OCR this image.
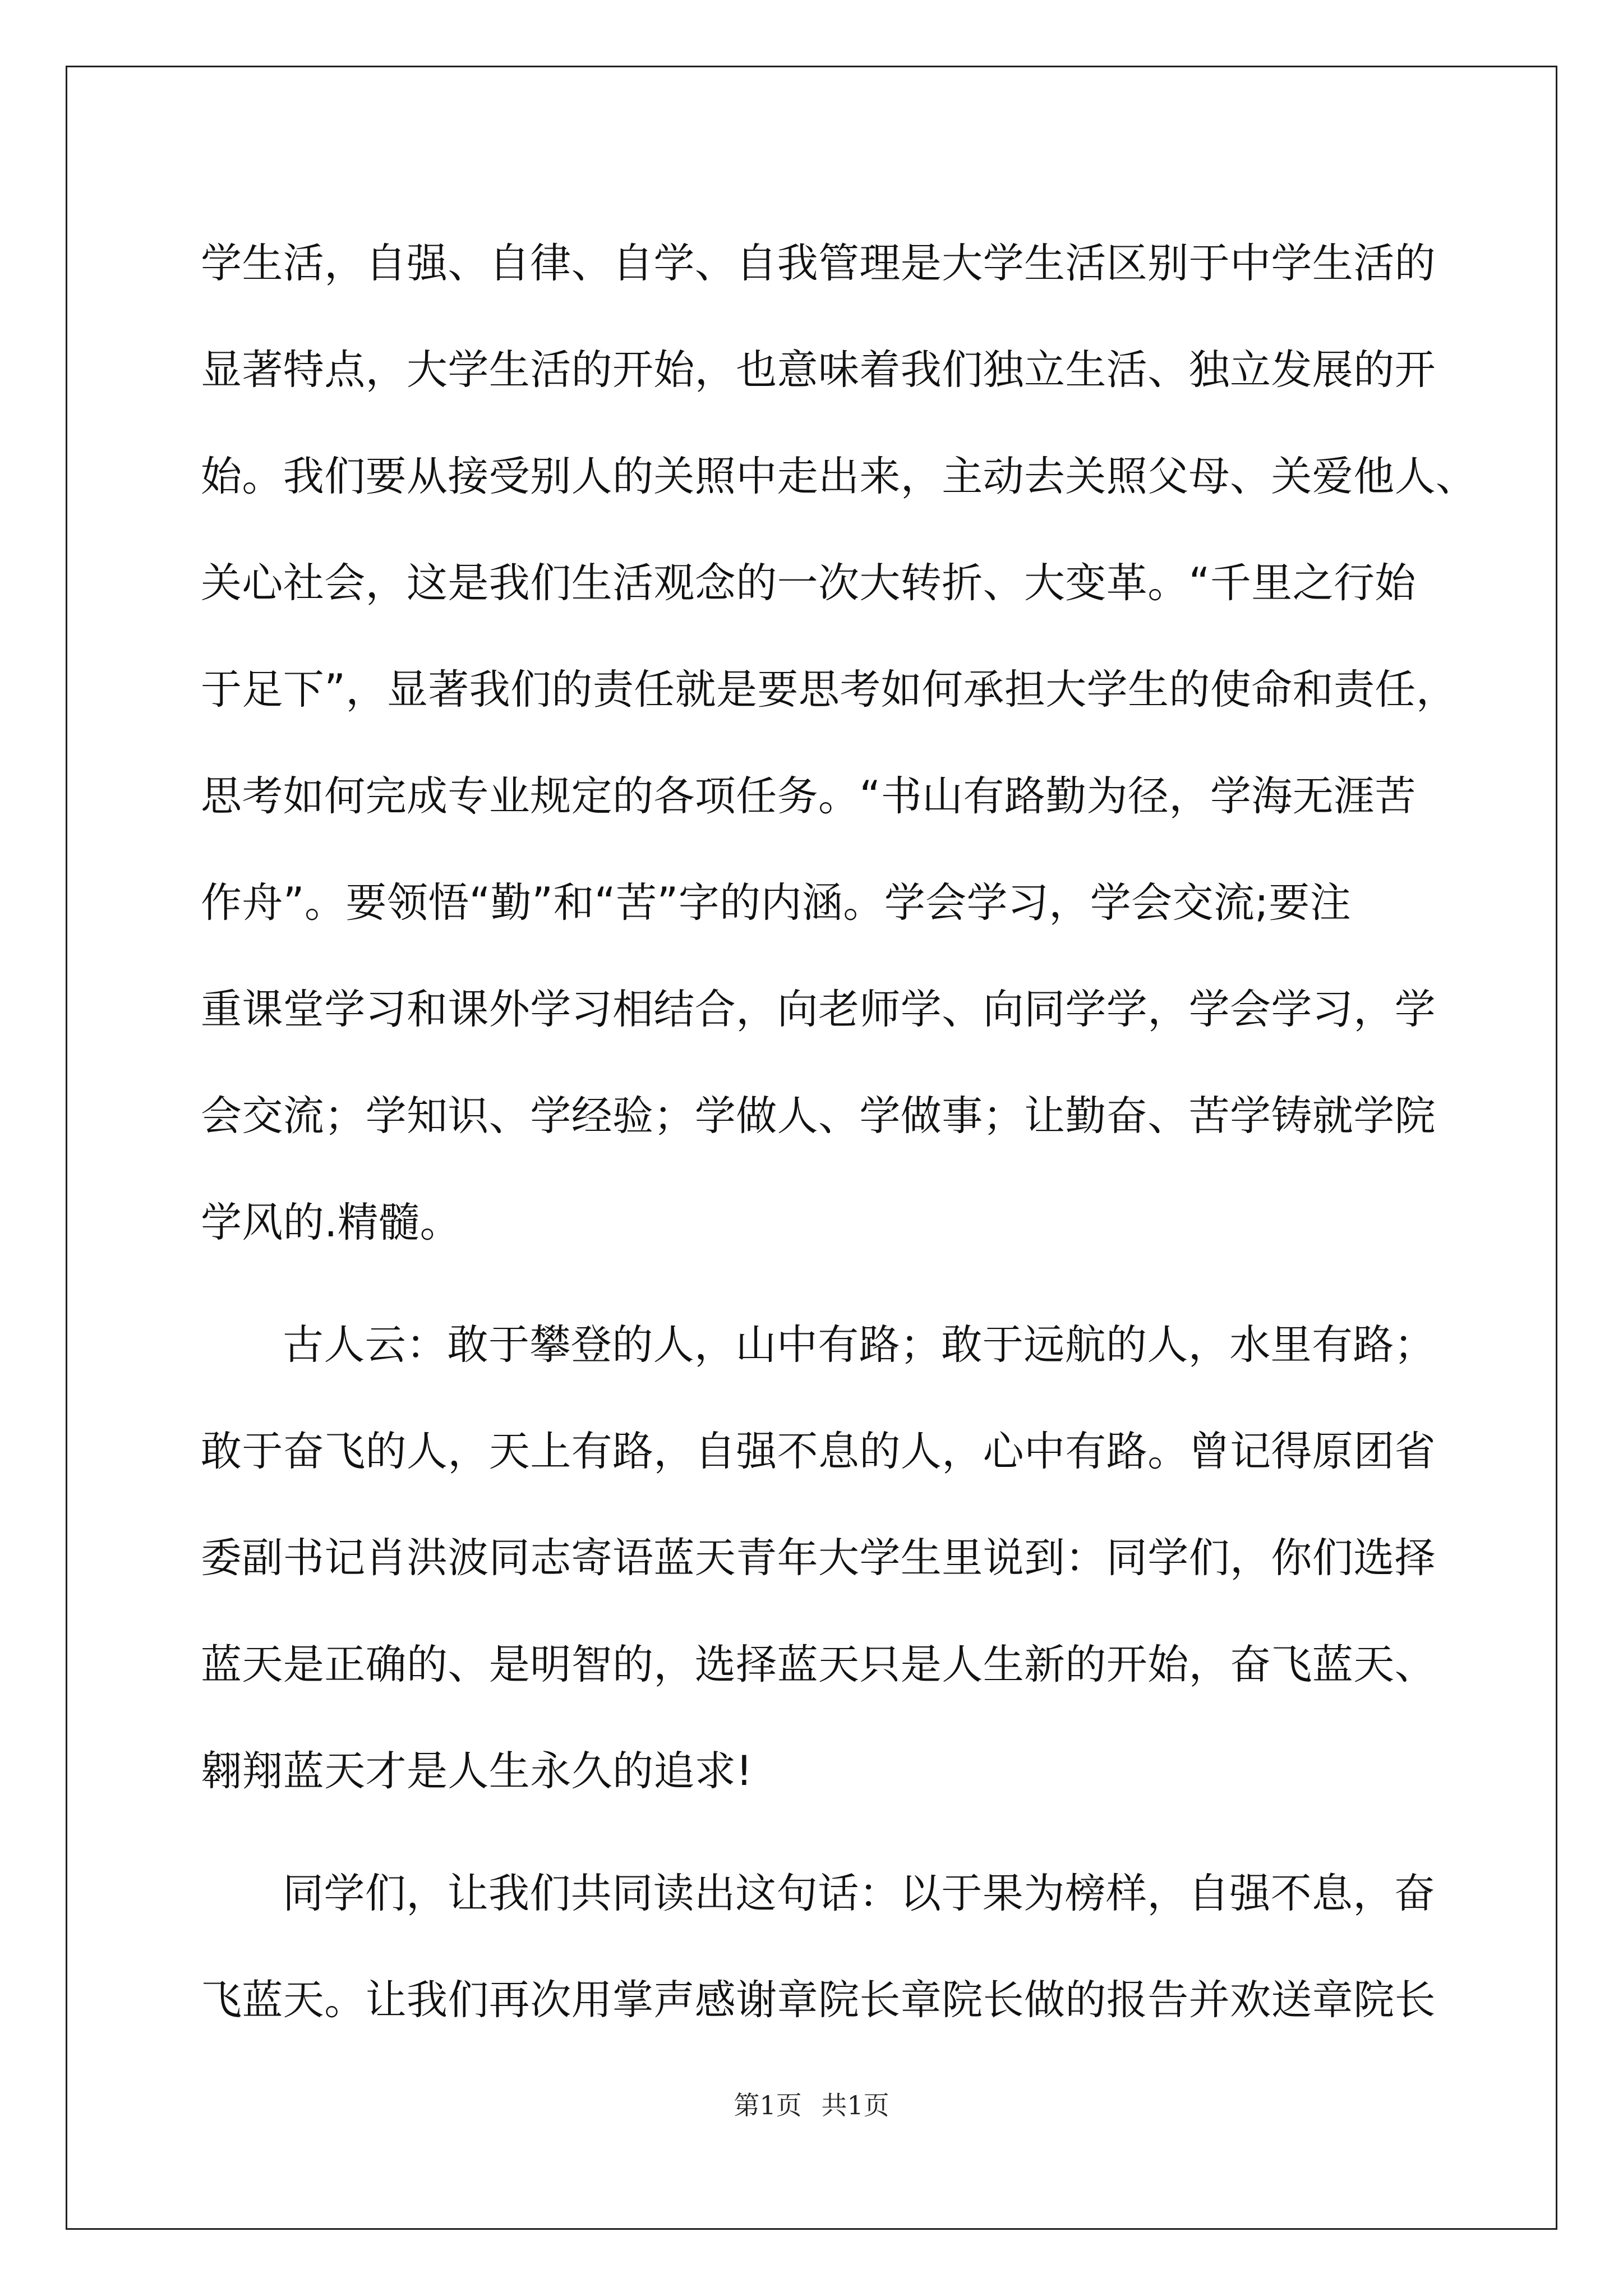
学生活，自强、自律、自学、自我管理是大学生活区别于中学生活的
显著特点，大学生活的开始，也意味着我们独立生活、独立发展的开
始。我们要从接受别人的关照中走出来，主动去关照父母、关爱他人、
关心社会，这是我们生活观念的一次大转折、大变革。“千里之行始
于足下”，显著我们的责任就是要思考如何承担大学生的使命和责任，
思考如何完成专业规定的各项任务。“书山有路勤为径，学海无涯苦
作舟”。要领悟“勤”和“苦”字的内涵。学会学习，学会交流;要注
重课堂学习和课外学习相结合，向老师学、向同学学，学会学习，学
会交流；学知识、学经验；学做人、学做事；让勤奋、苦学铸就学院
学风的.精髓。

古人云：敢于攀登的人，山中有路；敢于远航的人，水里有路；
敢于奋飞的人，天上有路，自强不息的人，心中有路。曾记得原团省
委副书记肖洪波同志寄语蓝天青年大学生里说到：同学们，你们选择
蓝天是正确的、是明智的，选择蓝天只是人生新的开始，奋飞蓝天、
翱翔蓝天才是人生永久的追求!

同学们，让我们共同读出这句话：以于果为榜样，自强不息，奋
飞蓝天。让我们再次用掌声感谢章院长章院长做的报告并欢送章院长

第1页 共1页
